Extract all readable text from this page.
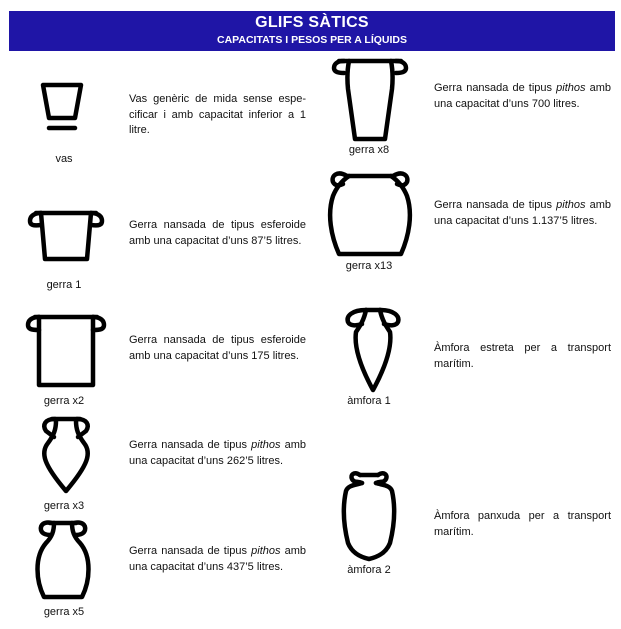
GLIFS SÀTICS
CAPACITATS I PESOS PER A LÍQUIDS
vas
Vas genèric de mida sense espe-cificar i amb capacitat inferior a 1 litre.
gerra 1
Gerra nansada de tipus esferoide amb una capacitat d’uns 87’5 litres.
gerra x2
Gerra nansada de tipus esferoide amb una capacitat d’uns 175 litres.
gerra x3
Gerra nansada de tipus pithos amb una capacitat d’uns 262’5 litres.
gerra x5
Gerra nansada de tipus pithos amb una capacitat d’uns 437’5 litres.
gerra x8
Gerra nansada de tipus pithos amb una capacitat d’uns 700 litres.
gerra x13
Gerra nansada de tipus pithos amb una capacitat d’uns 1.137’5 litres.
àmfora 1
Àmfora estreta per a transport marítim.
àmfora 2
Àmfora panxuda per a transport marítim.
